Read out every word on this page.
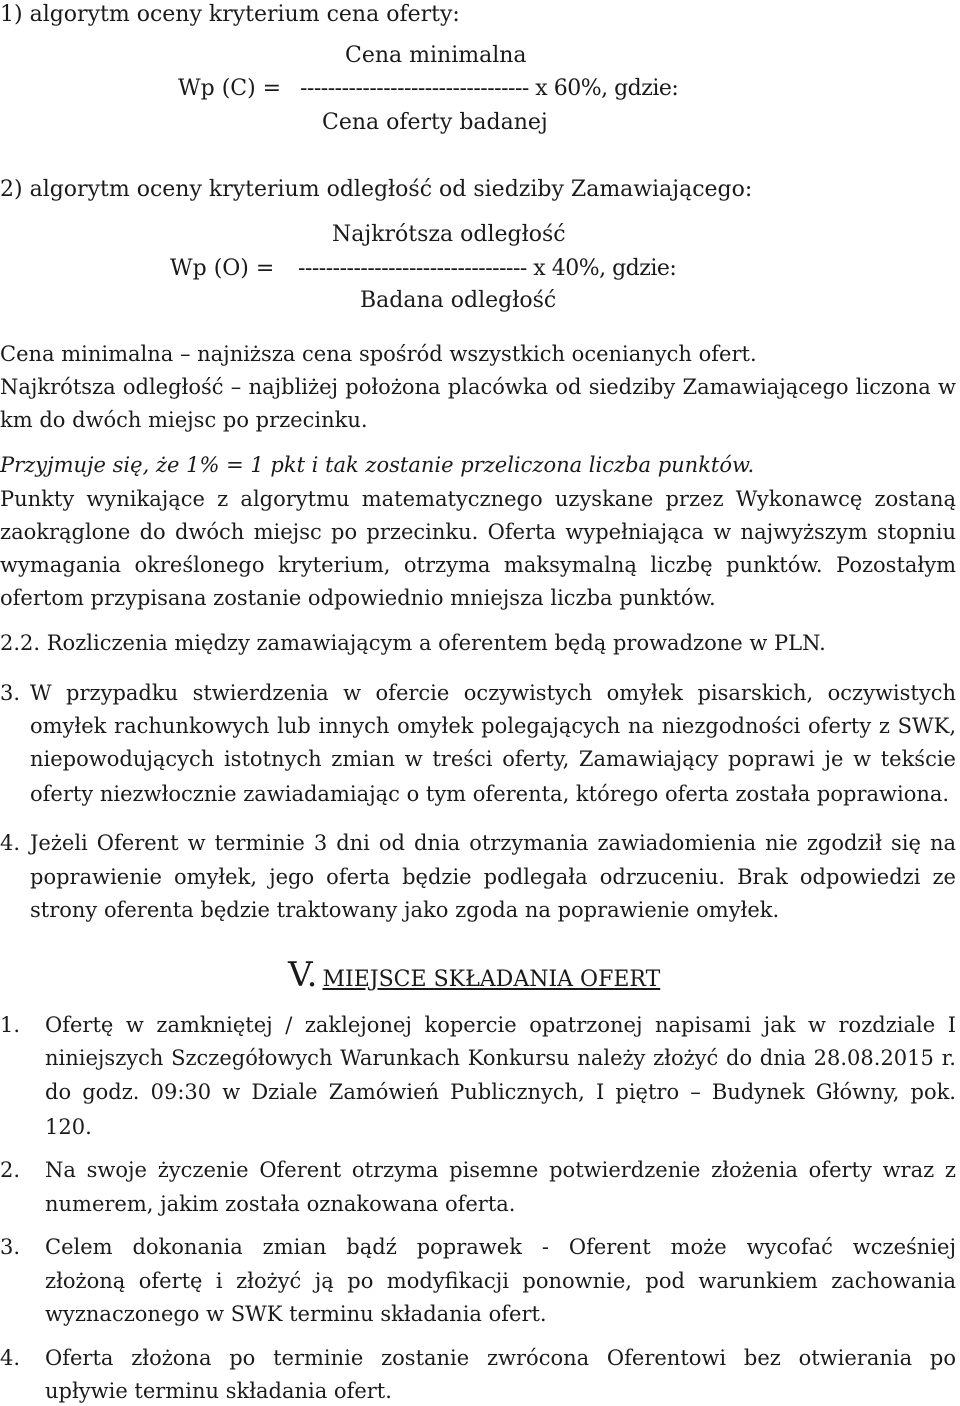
1) algorytm oceny kryterium cena oferty:
Cena minimalna
Wp (C) = --------------------------------- x 60%, gdzie:
Cena oferty badanej
2) algorytm oceny kryterium odległość od siedziby Zamawiającego:
Najkrótsza odległość
Wp (O) = --------------------------------- x 40%, gdzie:
Badana odległość
Cena minimalna – najniższa cena spośród wszystkich ocenianych ofert.
Najkrótsza odległość – najbliżej położona placówka od siedziby Zamawiającego liczona w
km do dwóch miejsc po przecinku.
Przyjmuje się, że 1% = 1 pkt i tak zostanie przeliczona liczba punktów.
Punkty wynikające z algorytmu matematycznego uzyskane przez Wykonawcę zostaną
zaokrąglone do dwóch miejsc po przecinku. Oferta wypełniająca w najwyższym stopniu
wymagania określonego kryterium, otrzyma maksymalną liczbę punktów. Pozostałym
ofertom przypisana zostanie odpowiednio mniejsza liczba punktów.
2.2. Rozliczenia między zamawiającym a oferentem będą prowadzone w PLN.
3. W przypadku stwierdzenia w ofercie oczywistych omyłek pisarskich, oczywistych
omyłek rachunkowych lub innych omyłek polegających na niezgodności oferty z SWK,
niepowodujących istotnych zmian w treści oferty, Zamawiający poprawi je w tekście
oferty niezwłocznie zawiadamiając o tym oferenta, którego oferta została poprawiona.
4. Jeżeli Oferent w terminie 3 dni od dnia otrzymania zawiadomienia nie zgodził się na
poprawienie omyłek, jego oferta będzie podlegała odrzuceniu. Brak odpowiedzi ze
strony oferenta będzie traktowany jako zgoda na poprawienie omyłek.
V. MIEJSCE SKŁADANIA OFERT
1. Ofertę w zamkniętej / zaklejonej kopercie opatrzonej napisami jak w rozdziale I
niniejszych Szczegółowych Warunkach Konkursu należy złożyć do dnia 28.08.2015 r.
do godz. 09:30 w Dziale Zamówień Publicznych, I piętro – Budynek Główny, pok.
120.
2. Na swoje życzenie Oferent otrzyma pisemne potwierdzenie złożenia oferty wraz z
numerem, jakim została oznakowana oferta.
3. Celem dokonania zmian bądź poprawek - Oferent może wycofać wcześniej
złożoną ofertę i złożyć ją po modyfikacji ponownie, pod warunkiem zachowania
wyznaczonego w SWK terminu składania ofert.
4. Oferta złożona po terminie zostanie zwrócona Oferentowi bez otwierania po
upływie terminu składania ofert.
